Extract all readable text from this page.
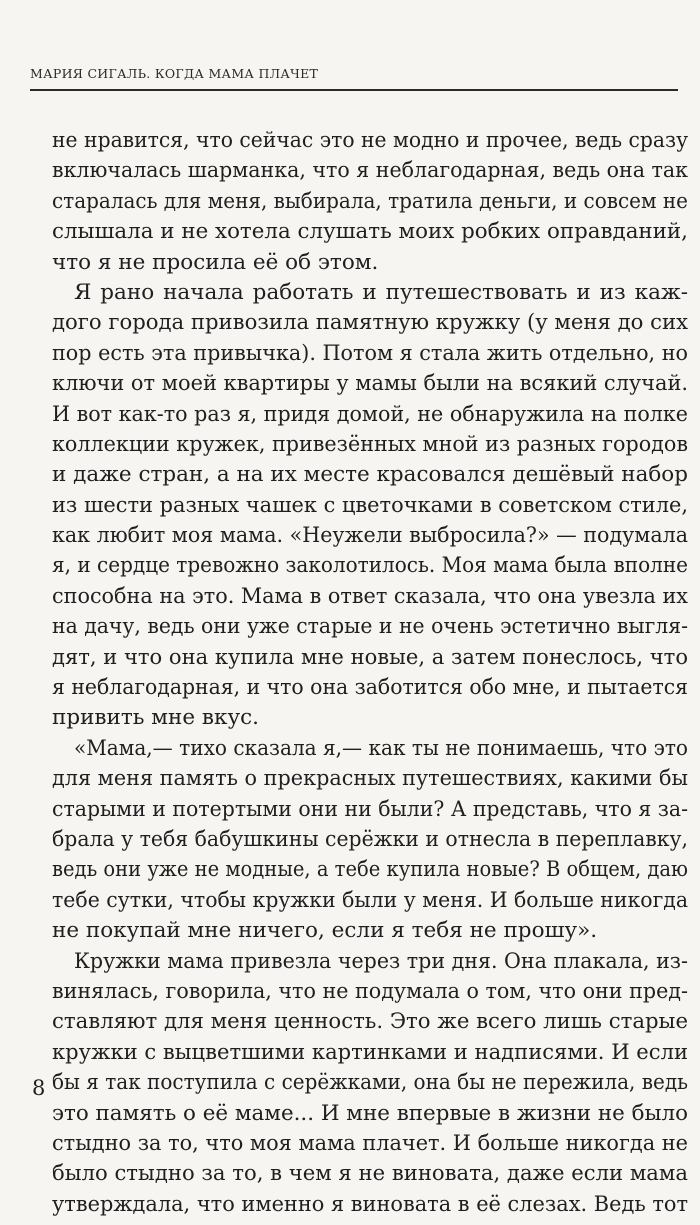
МАРИЯ СИГАЛЬ. КОГДА МАМА ПЛАЧЕТ
не нравится, что сейчас это не модно и прочее, ведь сразу
включалась шарманка, что я неблагодарная, ведь она так
старалась для меня, выбирала, тратила деньги, и совсем не
слышала и не хотела слушать моих робких оправданий,
что я не просила её об этом.
Я рано начала работать и путешествовать и из каж-
дого города привозила памятную кружку (у меня до сих
пор есть эта привычка). Потом я стала жить отдельно, но
ключи от моей квартиры у мамы были на всякий случай.
И вот как-то раз я, придя домой, не обнаружила на полке
коллекции кружек, привезённых мной из разных городов
и даже стран, а на их месте красовался дешёвый набор
из шести разных чашек с цветочками в советском стиле,
как любит моя мама. «Неужели выбросила?» — подумала
я, и сердце тревожно заколотилось. Моя мама была вполне
способна на это. Мама в ответ сказала, что она увезла их
на дачу, ведь они уже старые и не очень эстетично выгля-
дят, и что она купила мне новые, а затем понеслось, что
я неблагодарная, и что она заботится обо мне, и пытается
привить мне вкус.
«Мама,— тихо сказала я,— как ты не понимаешь, что это
для меня память о прекрасных путешествиях, какими бы
старыми и потертыми они ни были? А представь, что я за-
брала у тебя бабушкины серёжки и отнесла в переплавку,
ведь они уже не модные, а тебе купила новые? В общем, даю
тебе сутки, чтобы кружки были у меня. И больше никогда
не покупай мне ничего, если я тебя не прошу».
Кружки мама привезла через три дня. Она плакала, из-
винялась, говорила, что не подумала о том, что они пред-
ставляют для меня ценность. Это же всего лишь старые
кружки с выцветшими картинками и надписями. И если
бы я так поступила с серёжками, она бы не пережила, ведь
это память о её маме... И мне впервые в жизни не было
стыдно за то, что моя мама плачет. И больше никогда не
было стыдно за то, в чем я не виновата, даже если мама
утверждала, что именно я виновата в её слезах. Ведь тот
8
